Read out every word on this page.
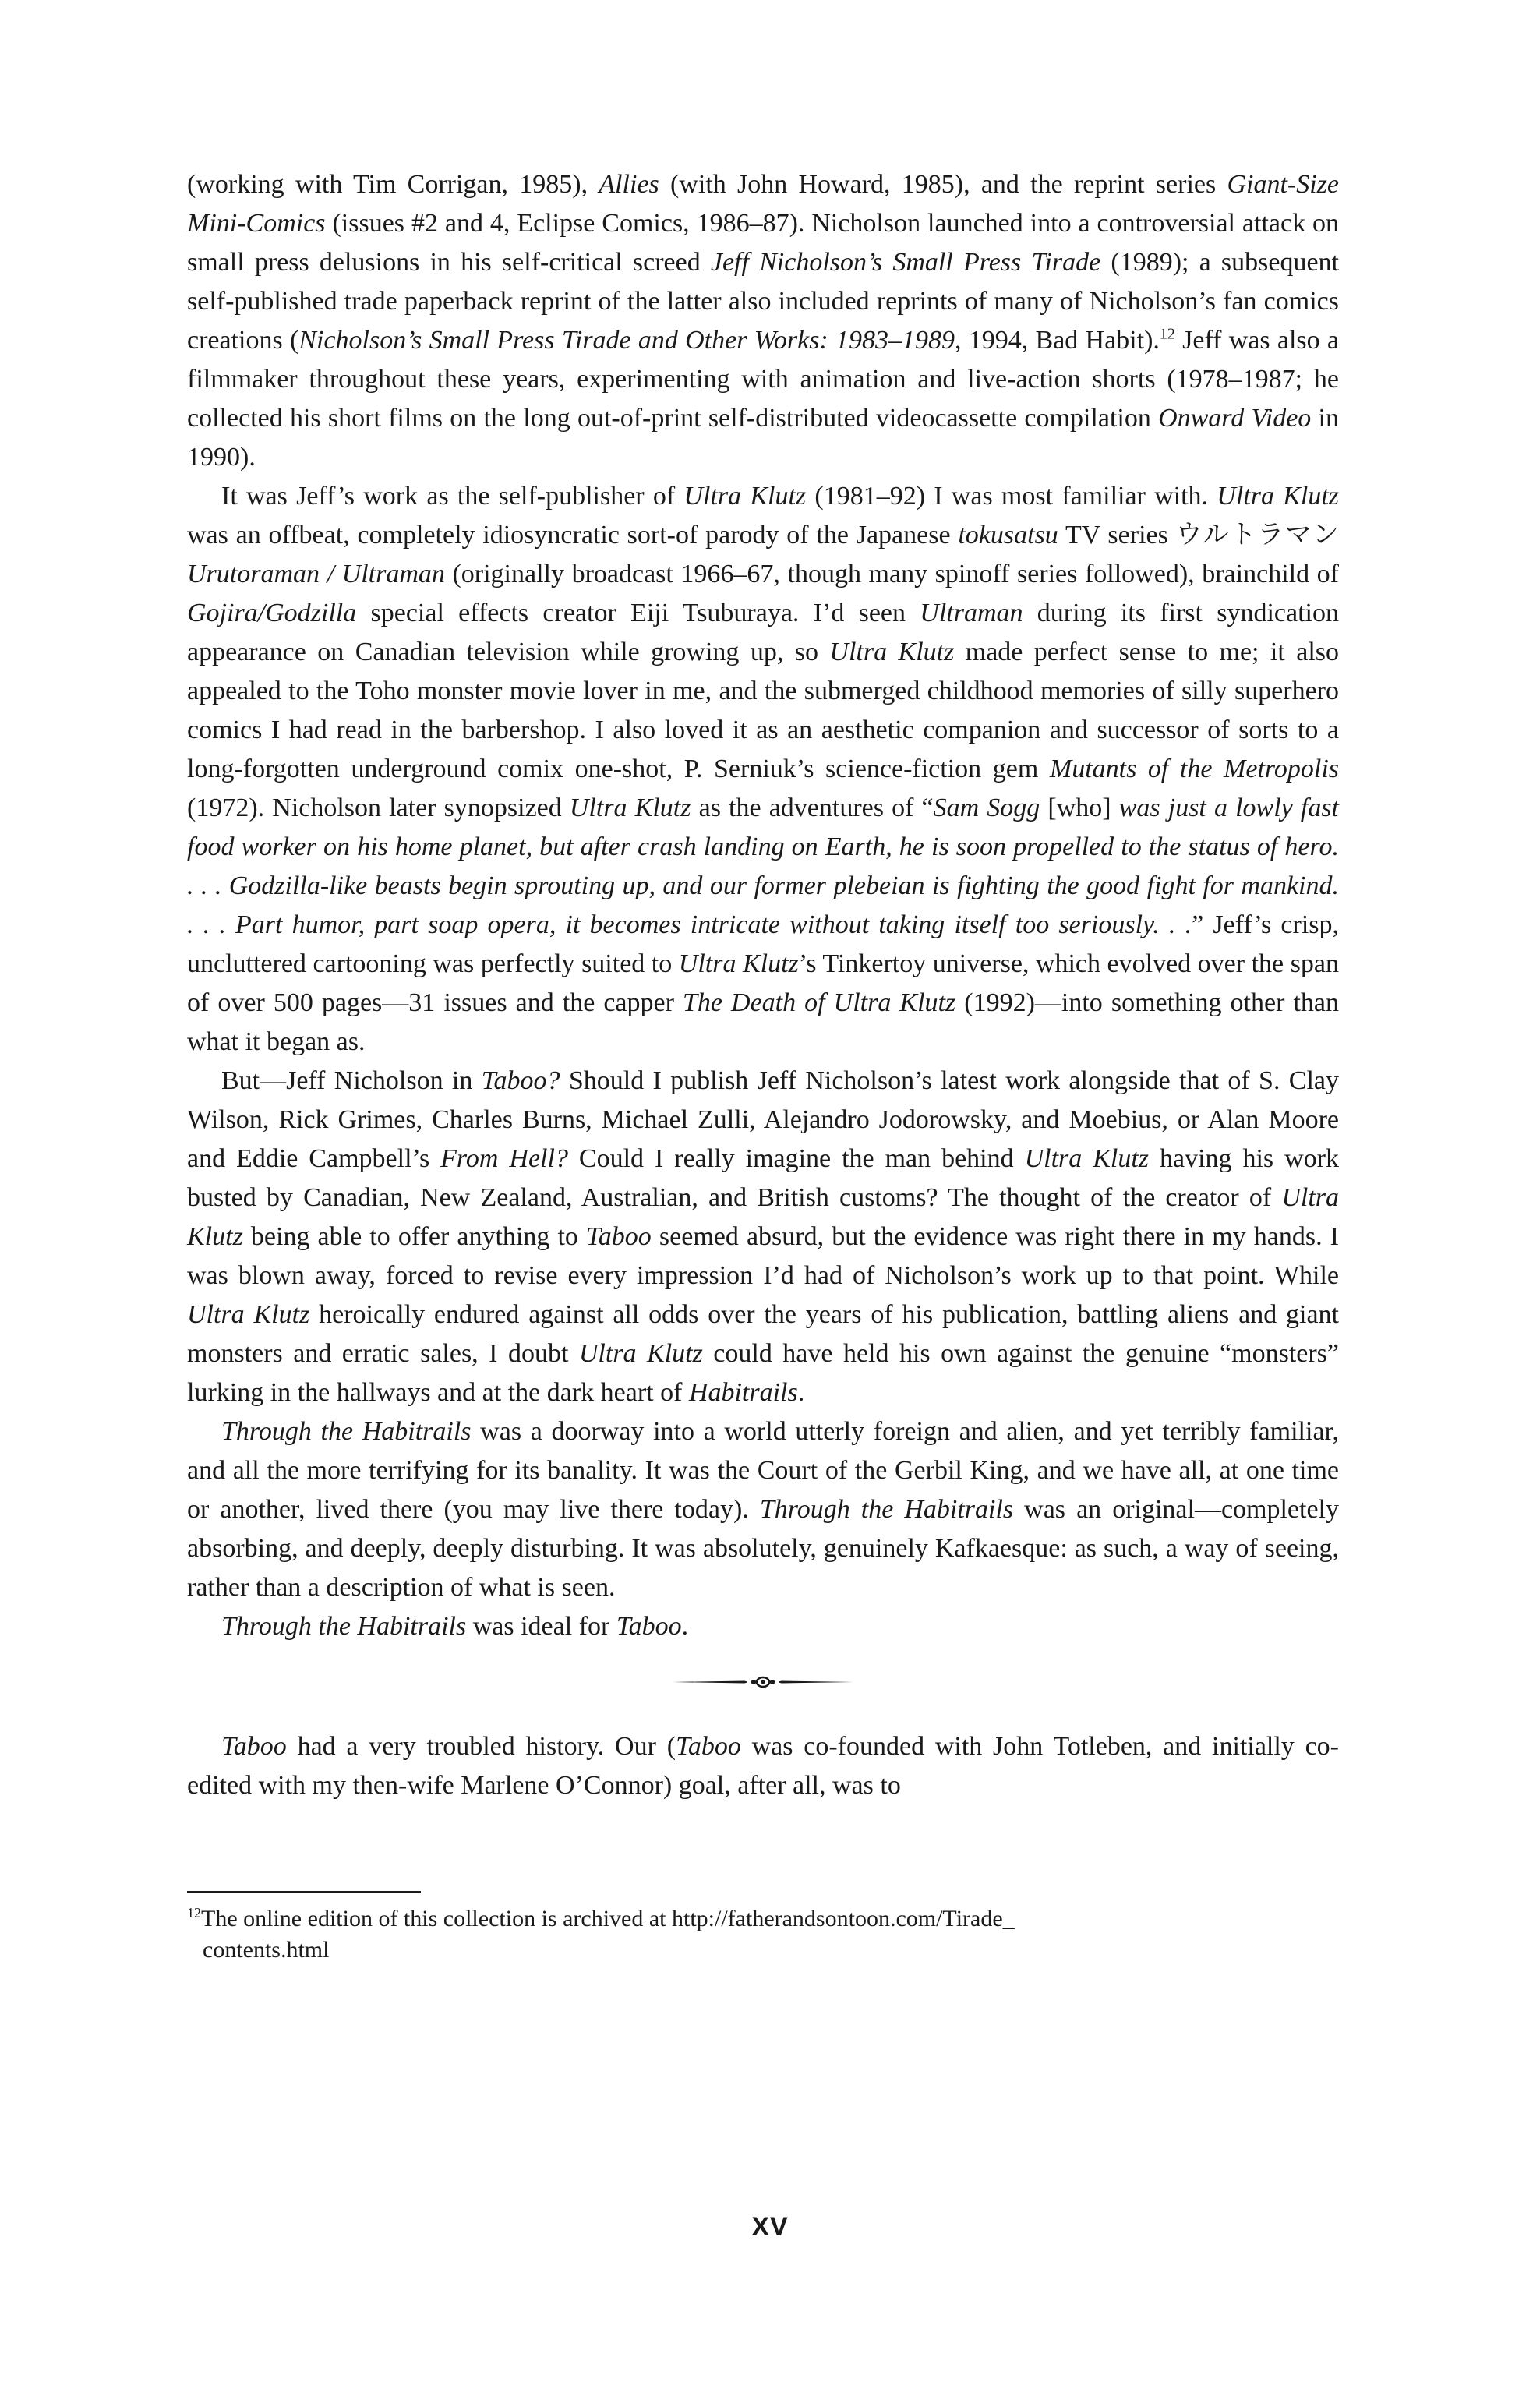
(working with Tim Corrigan, 1985), Allies (with John Howard, 1985), and the reprint series Giant-Size Mini-Comics (issues #2 and 4, Eclipse Comics, 1986–87). Nicholson launched into a controversial attack on small press delusions in his self-critical screed Jeff Nicholson’s Small Press Tirade (1989); a subsequent self-published trade paperback reprint of the latter also included reprints of many of Nicholson’s fan comics creations (Nicholson’s Small Press Tirade and Other Works: 1983–1989, 1994, Bad Habit).$^{12}$ Jeff was also a filmmaker throughout these years, experimenting with animation and live-action shorts (1978–1987; he collected his short films on the long out-of-print self-distributed videocassette compilation Onward Video in 1990).

It was Jeff’s work as the self-publisher of Ultra Klutz (1981–92) I was most familiar with. Ultra Klutz was an offbeat, completely idiosyncratic sort-of parody of the Japanese tokusatsu TV series ウルトラマン Urutoraman / Ultraman (originally broadcast 1966–67, though many spinoff series followed), brainchild of Gojira/Godzilla special effects creator Eiji Tsuburaya. I’d seen Ultraman during its first syndication appearance on Canadian television while growing up, so Ultra Klutz made perfect sense to me; it also appealed to the Toho monster movie lover in me, and the submerged childhood memories of silly superhero comics I had read in the barbershop. I also loved it as an aesthetic companion and successor of sorts to a long-forgotten underground comix one-shot, P. Serniuk’s science-fiction gem Mutants of the Metropolis (1972). Nicholson later synopsized Ultra Klutz as the adventures of “Sam Sogg [who] was just a lowly fast food worker on his home planet, but after crash landing on Earth, he is soon propelled to the status of hero. . . . Godzilla-like beasts begin sprouting up, and our former plebeian is fighting the good fight for mankind. . . . Part humor, part soap opera, it becomes intricate without taking itself too seriously. . .” Jeff’s crisp, uncluttered cartooning was perfectly suited to Ultra Klutz’s Tinkertoy universe, which evolved over the span of over 500 pages—31 issues and the capper The Death of Ultra Klutz (1992)—into something other than what it began as.

But—Jeff Nicholson in Taboo? Should I publish Jeff Nicholson’s latest work alongside that of S. Clay Wilson, Rick Grimes, Charles Burns, Michael Zulli, Alejandro Jodorowsky, and Moebius, or Alan Moore and Eddie Campbell’s From Hell? Could I really imagine the man behind Ultra Klutz having his work busted by Canadian, New Zealand, Australian, and British customs? The thought of the creator of Ultra Klutz being able to offer anything to Taboo seemed absurd, but the evidence was right there in my hands. I was blown away, forced to revise every impression I’d had of Nicholson’s work up to that point. While Ultra Klutz heroically endured against all odds over the years of his publication, battling aliens and giant monsters and erratic sales, I doubt Ultra Klutz could have held his own against the genuine “monsters” lurking in the hallways and at the dark heart of Habitrails.

Through the Habitrails was a doorway into a world utterly foreign and alien, and yet terribly familiar, and all the more terrifying for its banality. It was the Court of the Gerbil King, and we have all, at one time or another, lived there (you may live there today). Through the Habitrails was an original—completely absorbing, and deeply, deeply disturbing. It was absolutely, genuinely Kafkaesque: as such, a way of seeing, rather than a description of what is seen.

Through the Habitrails was ideal for Taboo.

Taboo had a very troubled history. Our (Taboo was co-founded with John Totleben, and initially co-edited with my then-wife Marlene O’Connor) goal, after all, was to

$^{12}$The online edition of this collection is archived at http://fatherandsontoon.com/Tirade_
contents.html
XV
